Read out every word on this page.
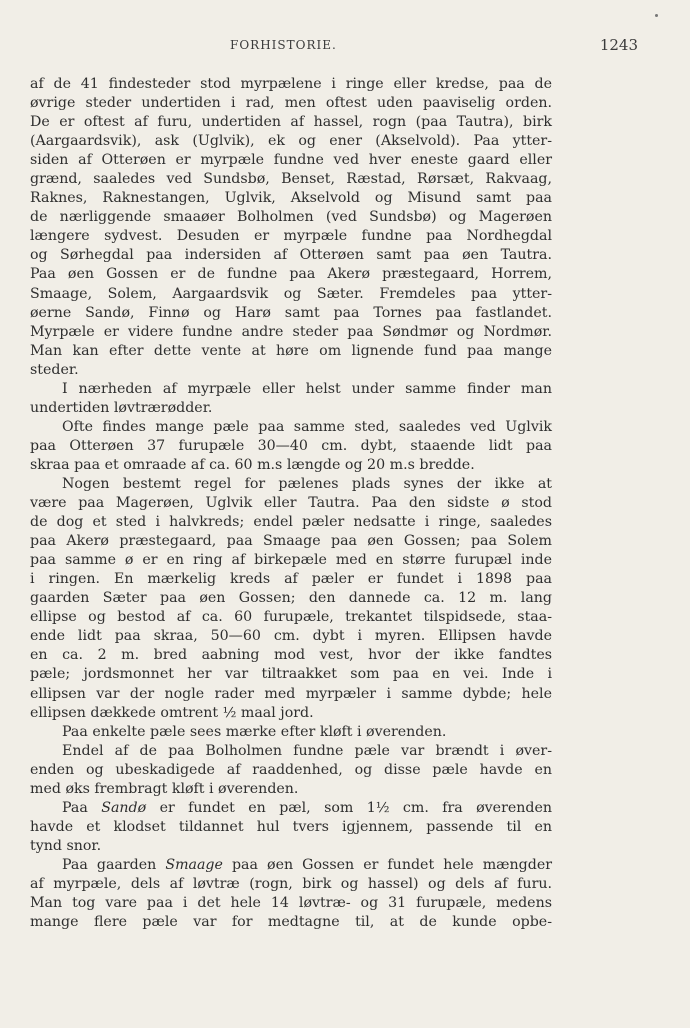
FORHISTORIE.	1243
af de 41 findesteder stod myrpælene i ringe eller kredse, paa de
øvrige steder undertiden i rad, men oftest uden paaviselig orden.
De er oftest af furu, undertiden af hassel, rogn (paa Tautra), birk
(Aargaardsvik), ask (Uglvik), ek og ener (Akselvold). Paa ytter-
siden af Otterøen er myrpæle fundne ved hver eneste gaard eller
grænd, saaledes ved Sundsbø, Benset, Ræstad, Rørsæt, Rakvaag,
Raknes, Raknestangen, Uglvik, Akselvold og Misund samt paa
de nærliggende smaaøer Bolholmen (ved Sundsbø) og Magerøen
længere sydvest. Desuden er myrpæle fundne paa Nordhegdal
og Sørhegdal paa indersiden af Otterøen samt paa øen Tautra.
Paa øen Gossen er de fundne paa Akerø præstegaard, Horrem,
Smaage, Solem, Aargaardsvik og Sæter. Fremdeles paa ytter-
øerne Sandø, Finnø og Harø samt paa Tornes paa fastlandet.
Myrpæle er videre fundne andre steder paa Søndmør og Nordmør.
Man kan efter dette vente at høre om lignende fund paa mange
steder.
I nærheden af myrpæle eller helst under samme finder man
undertiden løvtrærødder.
Ofte findes mange pæle paa samme sted, saaledes ved Uglvik
paa Otterøen 37 furupæle 30—40 cm. dybt, staaende lidt paa
skraa paa et omraade af ca. 60 m.s længde og 20 m.s bredde.
Nogen bestemt regel for pælenes plads synes der ikke at
være paa Magerøen, Uglvik eller Tautra. Paa den sidste ø stod
de dog et sted i halvkreds; endel pæler nedsatte i ringe, saaledes
paa Akerø præstegaard, paa Smaage paa øen Gossen; paa Solem
paa samme ø er en ring af birkepæle med en større furupæl inde
i ringen. En mærkelig kreds af pæler er fundet i 1898 paa
gaarden Sæter paa øen Gossen; den dannede ca. 12 m. lang
ellipse og bestod af ca. 60 furupæle, trekantet tilspidsede, staa-
ende lidt paa skraa, 50—60 cm. dybt i myren. Ellipsen havde
en ca. 2 m. bred aabning mod vest, hvor der ikke fandtes
pæle; jordsmonnet her var tiltraakket som paa en vei. Inde i
ellipsen var der nogle rader med myrpæler i samme dybde; hele
ellipsen dækkede omtrent ½ maal jord.
Paa enkelte pæle sees mærke efter kløft i øverenden.
Endel af de paa Bolholmen fundne pæle var brændt i øver-
enden og ubeskadigede af raaddenhed, og disse pæle havde en
med øks frembragt kløft i øverenden.
Paa Sandø er fundet en pæl, som 1½ cm. fra øverenden
havde et klodset tildannet hul tvers igjennem, passende til en
tynd snor.
Paa gaarden Smaage paa øen Gossen er fundet hele mængder
af myrpæle, dels af løvtræ (rogn, birk og hassel) og dels af furu.
Man tog vare paa i det hele 14 løvtræ- og 31 furupæle, medens
mange flere pæle var for medtagne til, at de kunde opbe-
